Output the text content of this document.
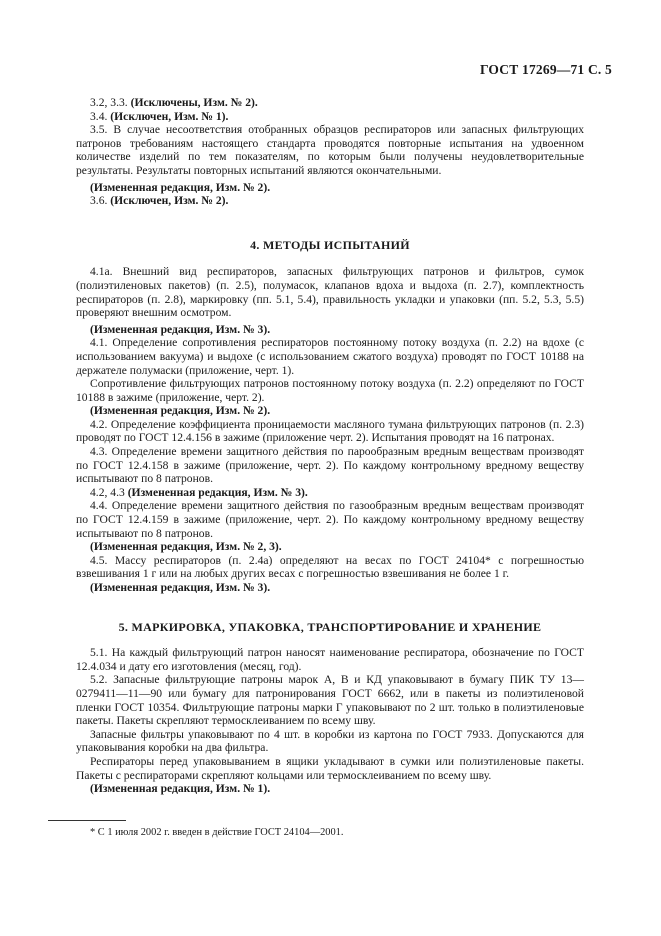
ГОСТ 17269—71 С. 5

3.2, 3.3. (Исключены, Изм. № 2).

3.4. (Исключен, Изм. № 1).

3.5. В случае несоответствия отобранных образцов респираторов или запасных фильтрующих патронов требованиям настоящего стандарта проводятся повторные испытания на удвоенном количестве изделий по тем показателям, по которым были получены неудовлетворительные результаты. Результаты повторных испытаний являются окончательными.

(Измененная редакция, Изм. № 2).

3.6. (Исключен, Изм. № 2).

4. МЕТОДЫ ИСПЫТАНИЙ

4.1а. Внешний вид респираторов, запасных фильтрующих патронов и фильтров, сумок (полиэтиленовых пакетов) (п. 2.5), полумасок, клапанов вдоха и выдоха (п. 2.7), комплектность респираторов (п. 2.8), маркировку (пп. 5.1, 5.4), правильность укладки и упаковки (пп. 5.2, 5.3, 5.5) проверяют внешним осмотром.

(Измененная редакция, Изм. № 3).

4.1. Определение сопротивления респираторов постоянному потоку воздуха (п. 2.2) на вдохе (с использованием вакуума) и выдохе (с использованием сжатого воздуха) проводят по ГОСТ 10188 на держателе полумаски (приложение, черт. 1).

Сопротивление фильтрующих патронов постоянному потоку воздуха (п. 2.2) определяют по ГОСТ 10188 в зажиме (приложение, черт. 2).

(Измененная редакция, Изм. № 2).

4.2. Определение коэффициента проницаемости масляного тумана фильтрующих патронов (п. 2.3) проводят по ГОСТ 12.4.156 в зажиме (приложение черт. 2). Испытания проводят на 16 патронах.

4.3. Определение времени защитного действия по парообразным вредным веществам производят по ГОСТ 12.4.158 в зажиме (приложение, черт. 2). По каждому контрольному вредному веществу испытывают по 8 патронов.

4.2, 4.3 (Измененная редакция, Изм. № 3).

4.4. Определение времени защитного действия по газообразным вредным веществам производят по ГОСТ 12.4.159 в зажиме (приложение, черт. 2). По каждому контрольному вредному веществу испытывают по 8 патронов.

(Измененная редакция, Изм. № 2, 3).

4.5. Массу респираторов (п. 2.4а) определяют на весах по ГОСТ 24104* с погрешностью взвешивания 1 г или на любых других весах с погрешностью взвешивания не более 1 г.

(Измененная редакция, Изм. № 3).

5. МАРКИРОВКА, УПАКОВКА, ТРАНСПОРТИРОВАНИЕ И ХРАНЕНИЕ

5.1. На каждый фильтрующий патрон наносят наименование респиратора, обозначение по ГОСТ 12.4.034 и дату его изготовления (месяц, год).

5.2. Запасные фильтрующие патроны марок А, В и КД упаковывают в бумагу ПИК ТУ 13—0279411—11—90 или бумагу для патронирования ГОСТ 6662, или в пакеты из полиэтиленовой пленки ГОСТ 10354. Фильтрующие патроны марки Г упаковывают по 2 шт. только в полиэтиленовые пакеты. Пакеты скрепляют термосклеиванием по всему шву.

Запасные фильтры упаковывают по 4 шт. в коробки из картона по ГОСТ 7933. Допускаются для упаковывания коробки на два фильтра.

Респираторы перед упаковыванием в ящики укладывают в сумки или полиэтиленовые пакеты. Пакеты с респираторами скрепляют кольцами или термосклеиванием по всему шву.

(Измененная редакция, Изм. № 1).

* С 1 июля 2002 г. введен в действие ГОСТ 24104—2001.
